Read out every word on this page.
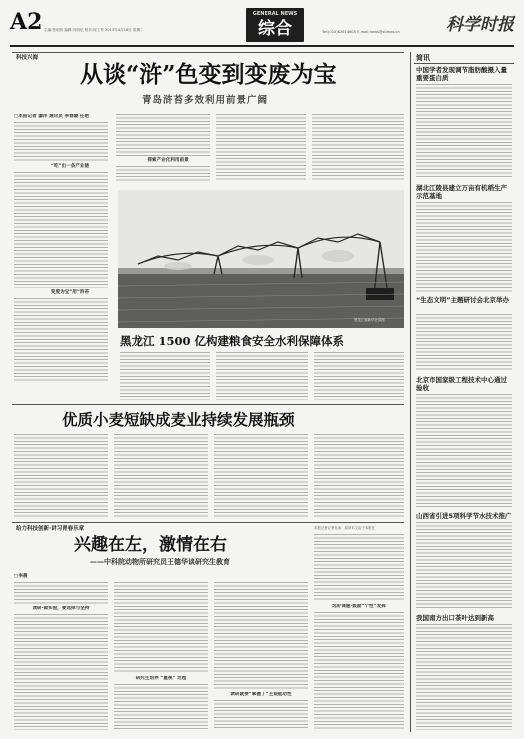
A2 主编:张明伟 编辑:冯丽妃 校对:何工劳 2013年4月16日 星期二
GENERAL NEWS
综合	Tel:(010)82614605 E-mail:news@stimes.cn	科学时报
科技兴海
从谈“浒”色变到变废为宝
青岛浒苔多效利用前景广阔
□本报记者 廖洋 通讯员 李春璇 任艳
“吃”出一条产业链
变废为宝“用”浒苔
探索产业化利用前景
黑龙江省新华社供图
黑龙江 1500 亿构建粮食安全水利保障体系
优质小麦短缺成麦业持续发展瓶颈
给力科技创新·讲习青春乐章
兴趣在左，激情在右
——中科院动物所研究员王德华谈研究生教育
□李晨
读研·做实验，要选择与坚持
研究生培养 “重视” 过程
读研就要“掌握了”主观能动性
本报记者记者吴冰：原来本文由于本报在
选好课题·鼓励“个性”发挥
简讯
中国学者发现调节脂肪酸摄入量重要蛋白质
湖北江陵县建立万亩有机稻生产示范基地
“生态文明”主题研讨会北京举办
北京市国家级工程技术中心通过验收
山西省引进5项科学节水技术推广
我国南方出口茶叶达到新高
